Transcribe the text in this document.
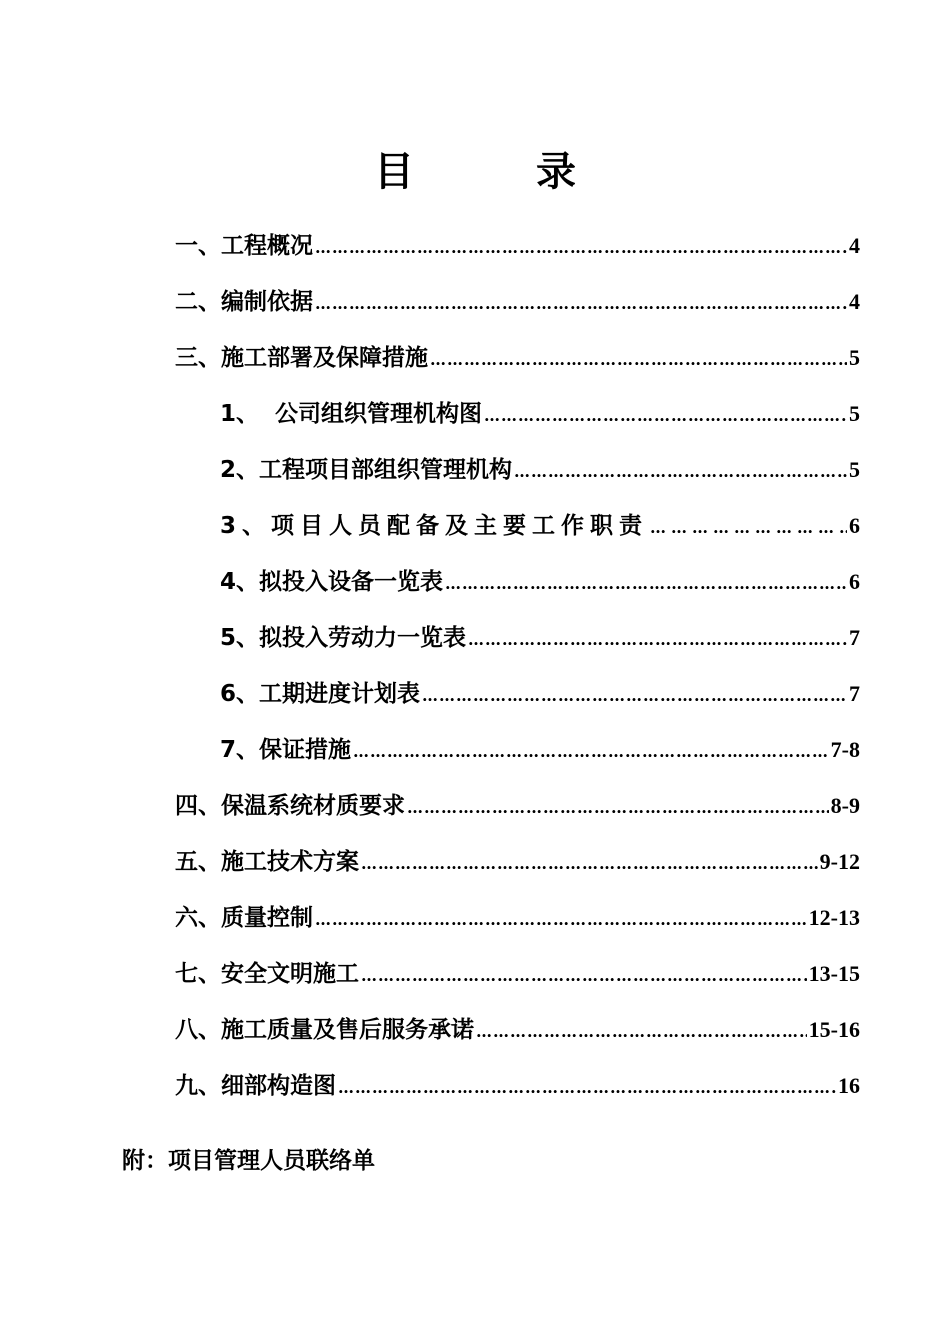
目	录
一、工程概况 …………………………………………………………………………………………………………………………………………	4
二、编制依据 …………………………………………………………………………………………………………………………………………	4
三、施工部署及保障措施 …………………………………………………………………………………………………………………………………………	5
1、  公司组织管理机构图 …………………………………………………………………………………………………………………………………………	5
2、工程项目部组织管理机构 …………………………………………………………………………………………………………………………………………	5
3、项目人员配备及主要工作职责 …………………………………………………………………………………………………………………………………………	6
4、拟投入设备一览表 …………………………………………………………………………………………………………………………………………	6
5、拟投入劳动力一览表 …………………………………………………………………………………………………………………………………………	7
6、工期进度计划表 …………………………………………………………………………………………………………………………………………	7
7、保证措施 …………………………………………………………………………………………………………………………………………	7-8
四、保温系统材质要求 …………………………………………………………………………………………………………………………………………	8-9
五、施工技术方案 …………………………………………………………………………………………………………………………………………	9-12
六、质量控制 …………………………………………………………………………………………………………………………………………	12-13
七、安全文明施工 …………………………………………………………………………………………………………………………………………	13-15
八、施工质量及售后服务承诺 …………………………………………………………………………………………………………………………………………	15-16
九、细部构造图 …………………………………………………………………………………………………………………………………………	16
附：项目管理人员联络单
